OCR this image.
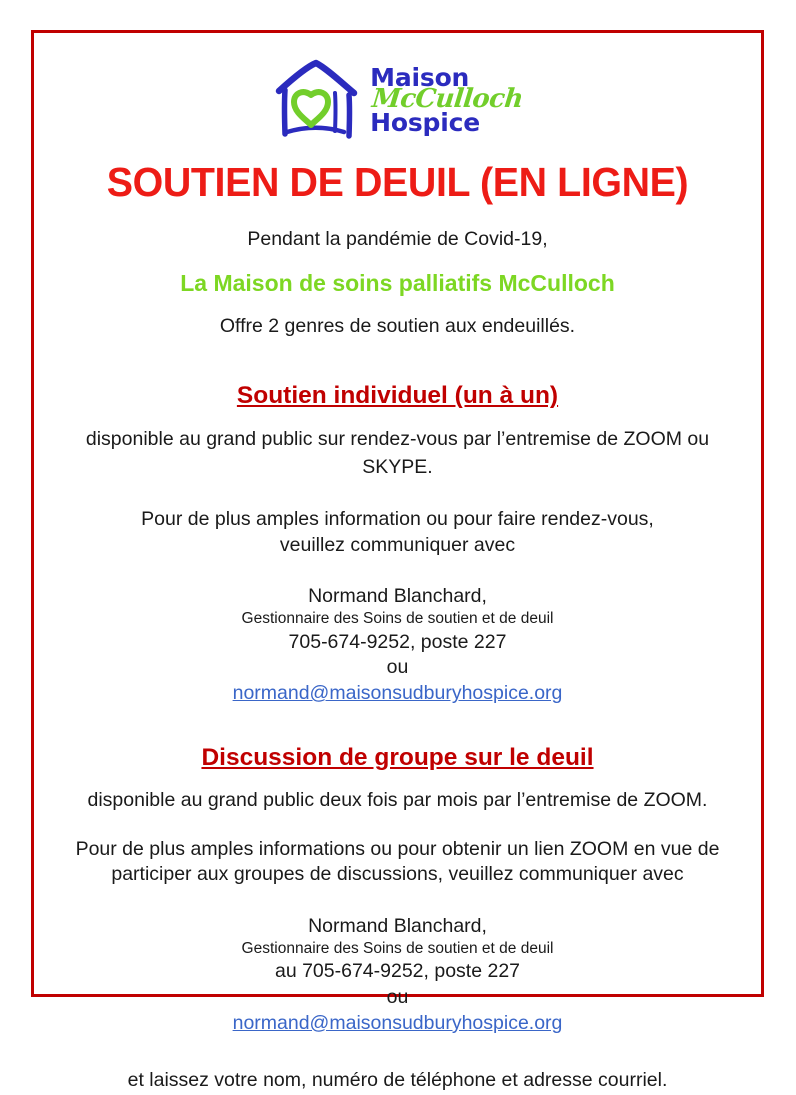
Maison
McCulloch
Hospice
SOUTIEN DE DEUIL (EN LIGNE)
Pendant la pandémie de Covid-19,
La Maison de soins palliatifs McCulloch
Offre 2 genres de soutien aux endeuillés.
Soutien individuel (un à un)
disponible au grand public sur rendez-vous par l’entremise de ZOOM ou SKYPE.
Pour de plus amples information ou pour faire rendez-vous,
veuillez communiquer avec
Normand Blanchard,
Gestionnaire des Soins de soutien et de deuil
705-674-9252, poste 227
ou
normand@maisonsudburyhospice.org
Discussion de groupe sur le deuil
disponible au grand public deux fois par mois par l’entremise de ZOOM.
Pour de plus amples informations ou pour obtenir un lien ZOOM en vue de
participer aux groupes de discussions, veuillez communiquer avec
Normand Blanchard,
Gestionnaire des Soins de soutien et de deuil
au 705-674-9252, poste 227
ou
normand@maisonsudburyhospice.org
et laissez votre nom, numéro de téléphone et adresse courriel.
